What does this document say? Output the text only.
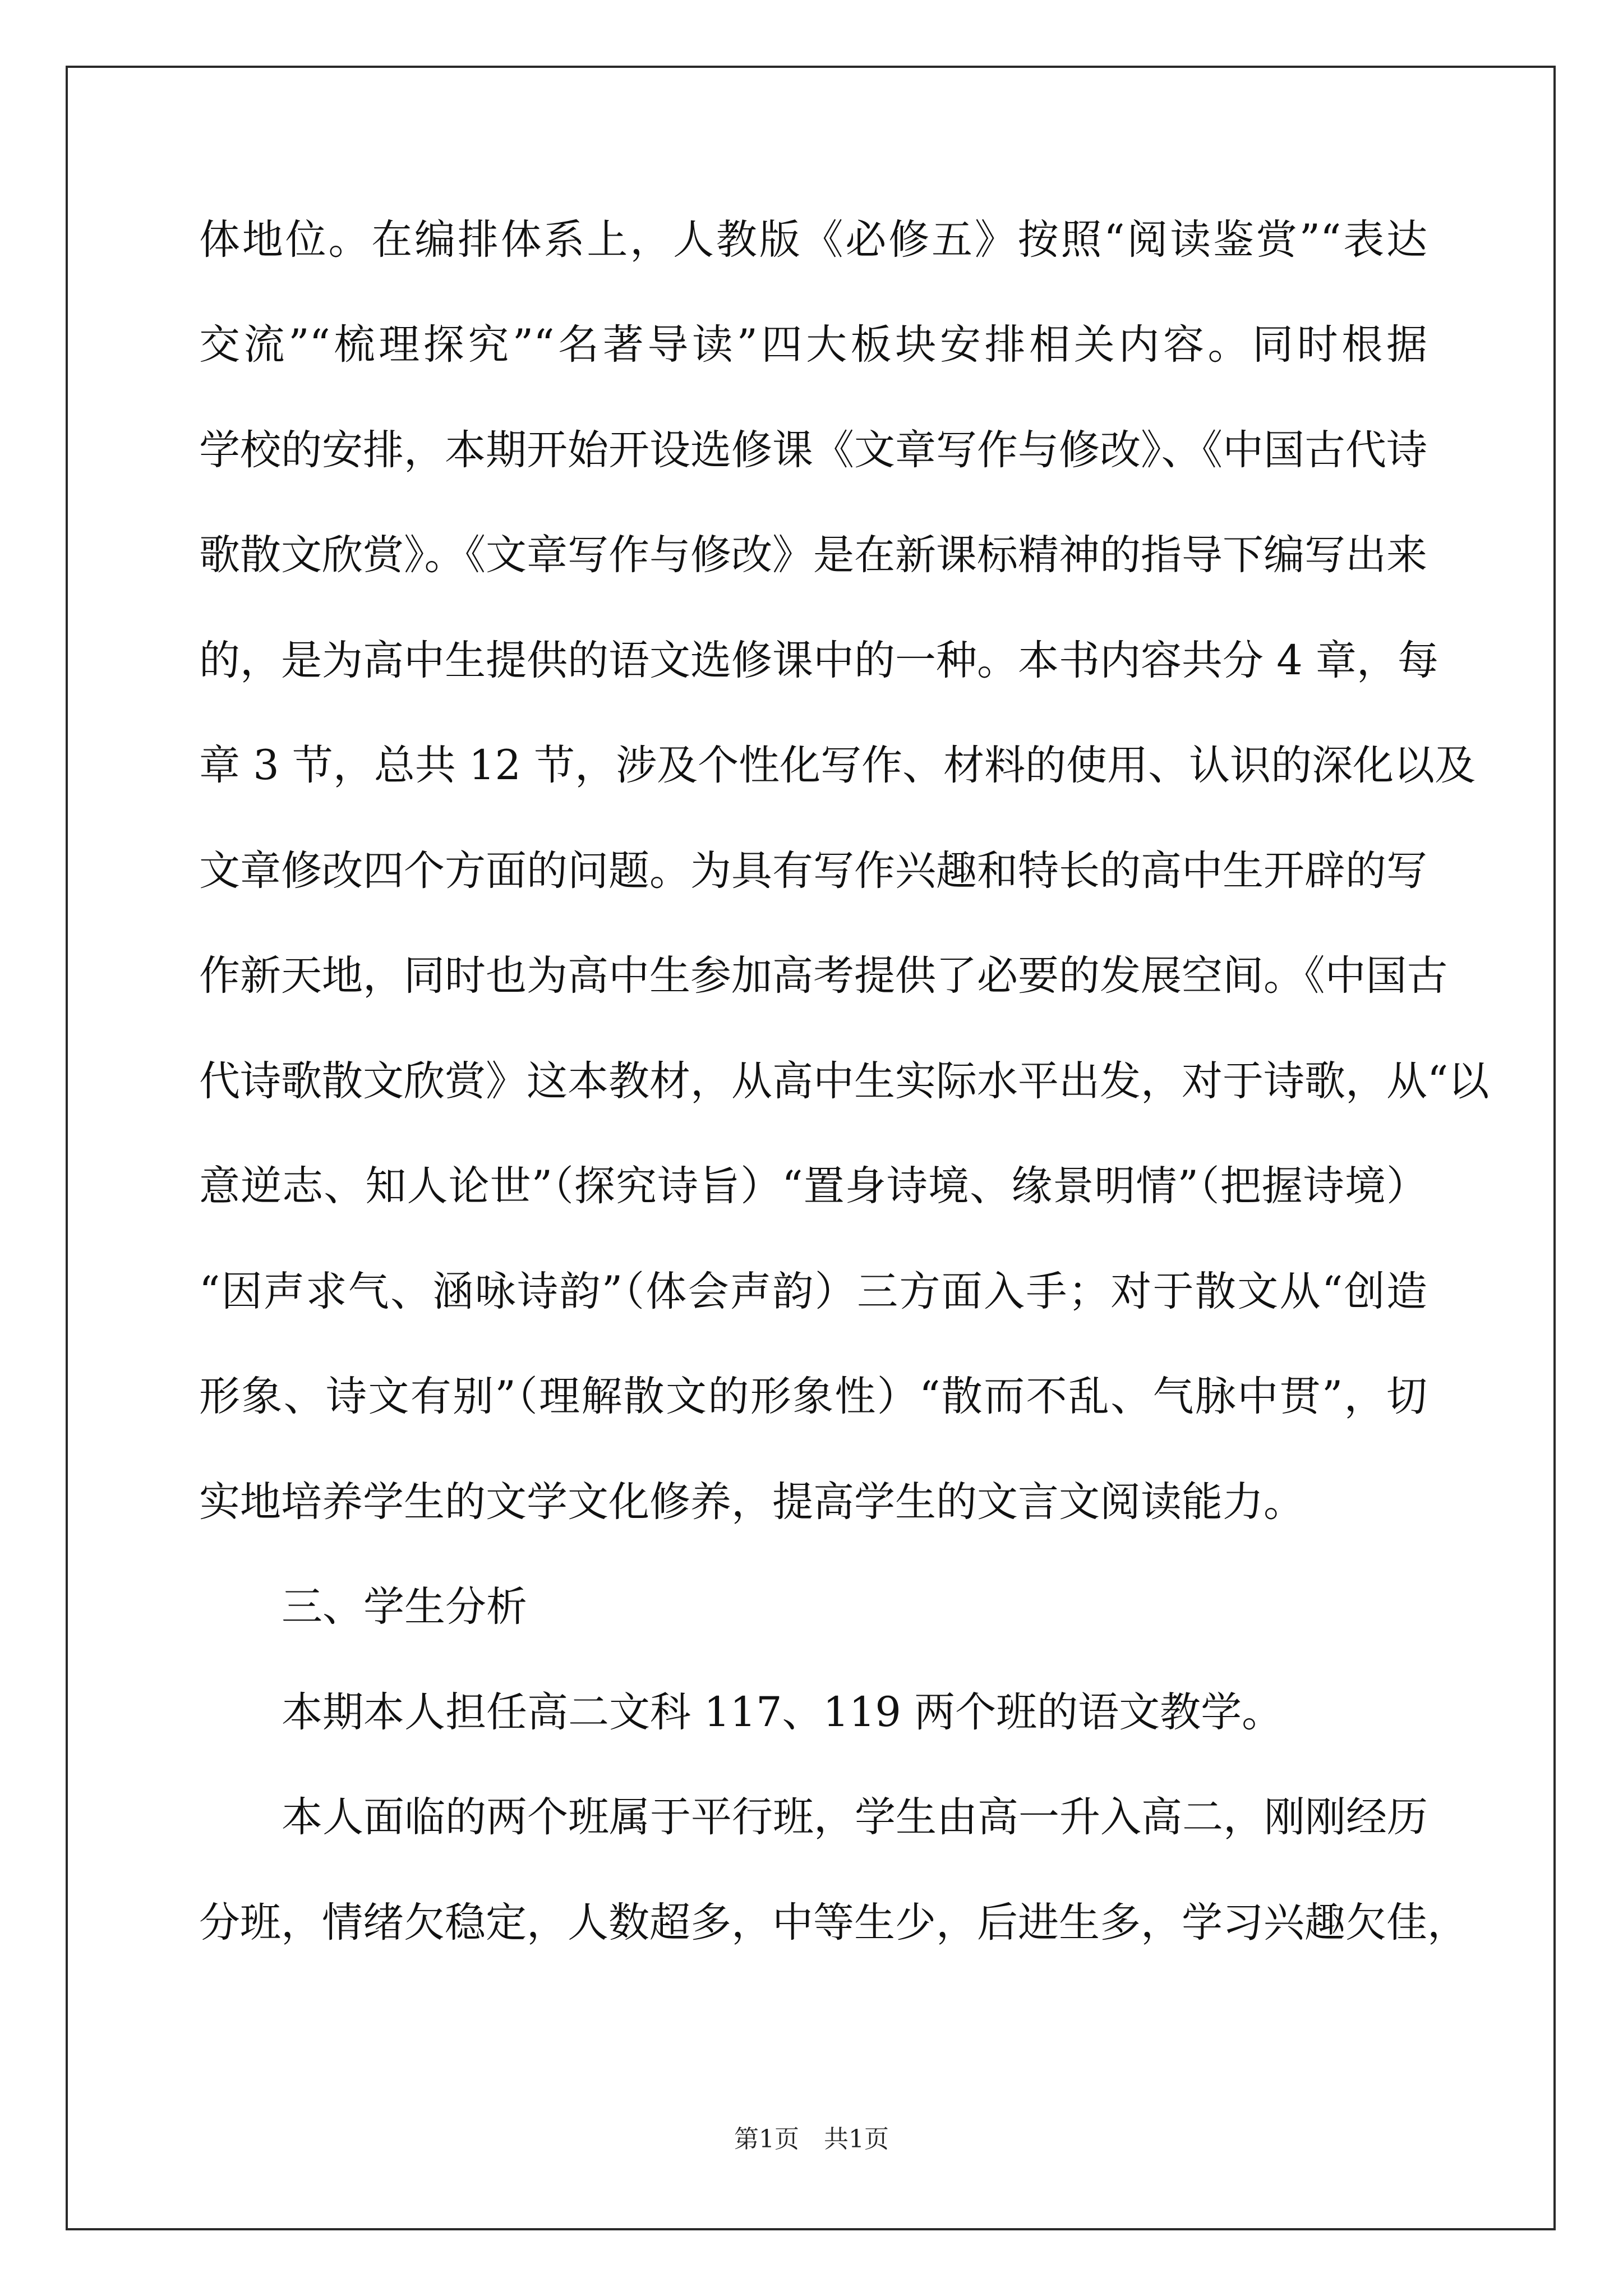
体地位。在编排体系上，人教版《必修五》按照“阅读鉴赏”“表达
交流”“梳理探究”“名著导读”四大板块安排相关内容。同时根据
学校的安排，本期开始开设选修课《文章写作与修改》、《中国古代诗
歌散文欣赏》。《文章写作与修改》是在新课标精神的指导下编写出来
的，是为高中生提供的语文选修课中的一种。本书内容共分 4 章，每
章 3 节，总共 12 节，涉及个性化写作、材料的使用、认识的深化以及
文章修改四个方面的问题。为具有写作兴趣和特长的高中生开辟的写
作新天地，同时也为高中生参加高考提供了必要的发展空间。《中国古
代诗歌散文欣赏》这本教材，从高中生实际水平出发，对于诗歌，从“以
意逆志、知人论世”（探究诗旨）“置身诗境、缘景明情”（把握诗境）
“因声求气、涵咏诗韵”（体会声韵）三方面入手；对于散文从“创造
形象、诗文有别”（理解散文的形象性）“散而不乱、气脉中贯”，切
实地培养学生的文学文化修养，提高学生的文言文阅读能力。
三、学生分析
本期本人担任高二文科 117、119 两个班的语文教学。
本人面临的两个班属于平行班，学生由高一升入高二，刚刚经历
分班，情绪欠稳定，人数超多，中等生少，后进生多，学习兴趣欠佳，
第1页　共1页
